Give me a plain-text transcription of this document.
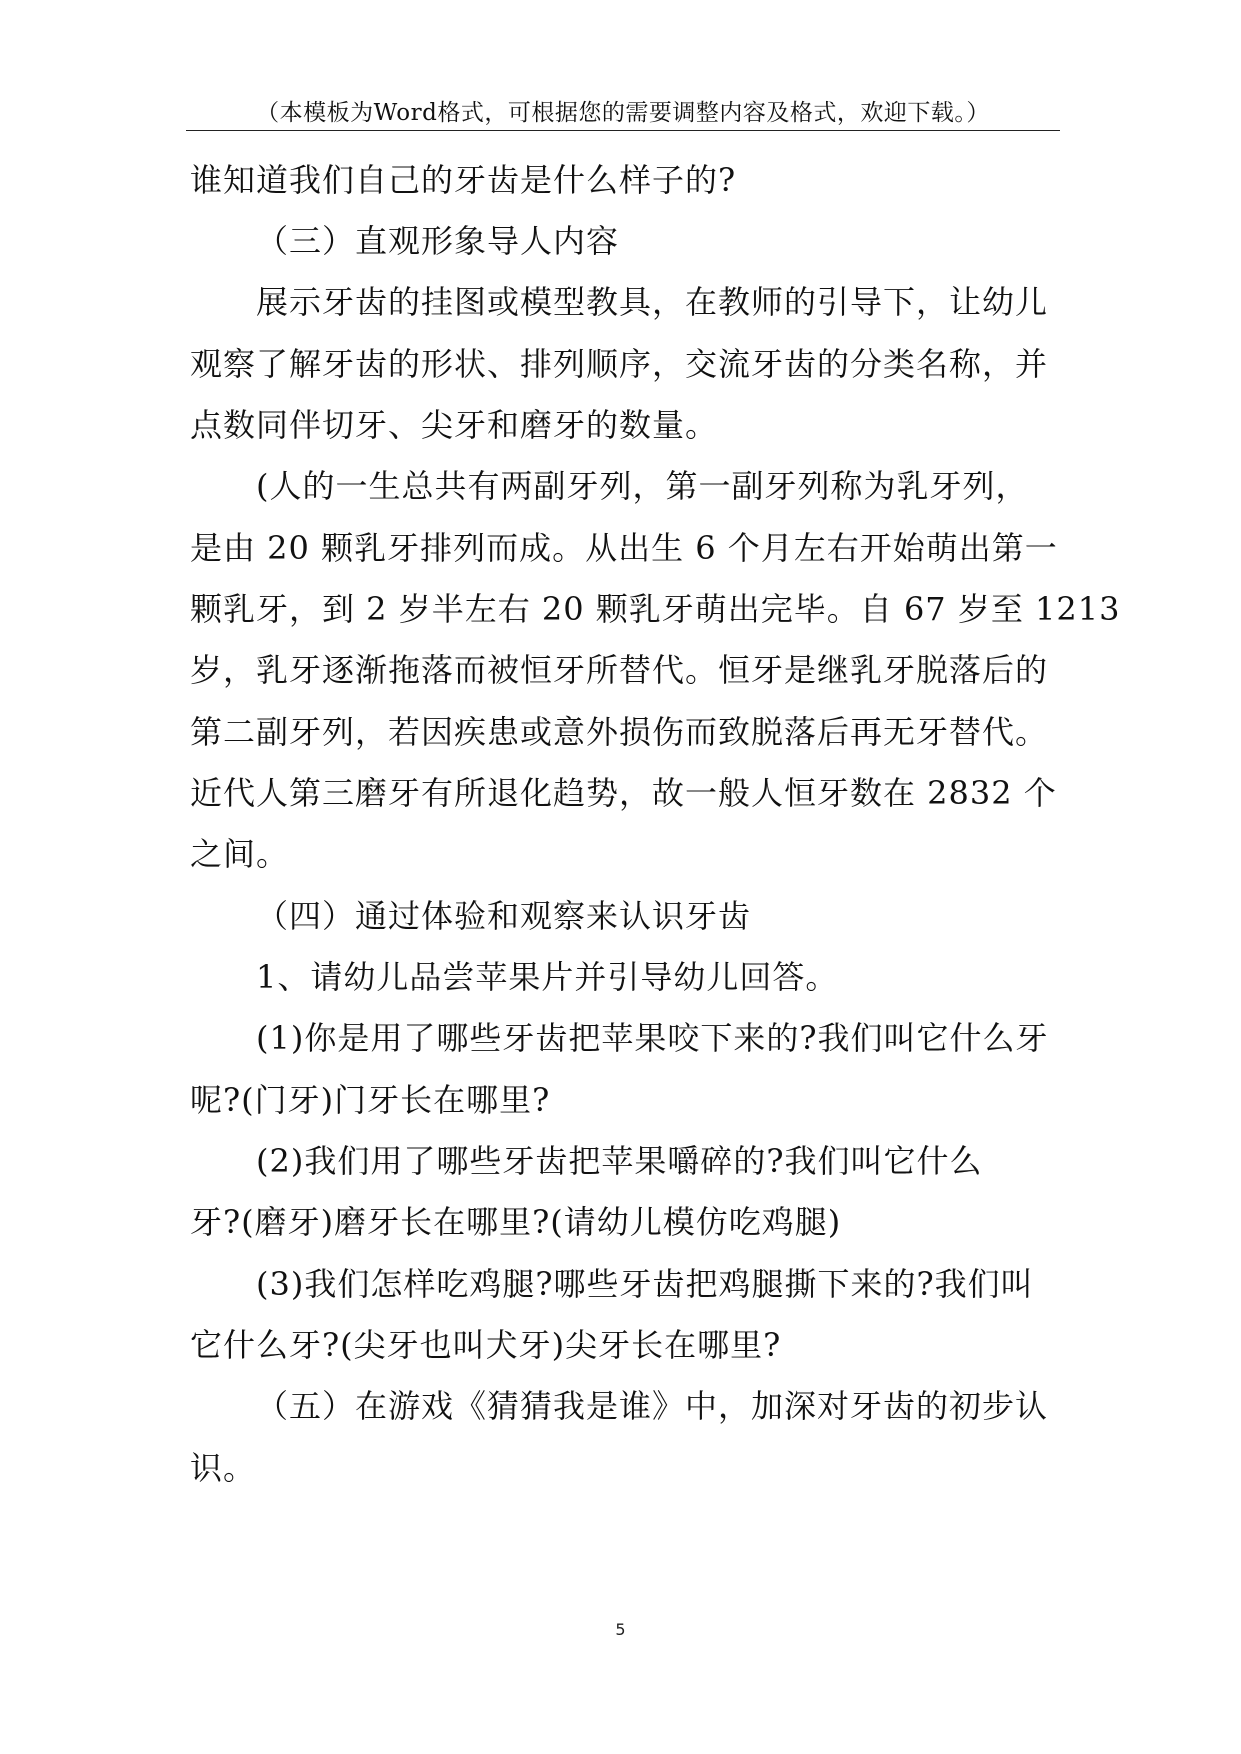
（本模板为Word格式，可根据您的需要调整内容及格式，欢迎下载。）
谁知道我们自己的牙齿是什么样子的?
（三）直观形象导人内容
展示牙齿的挂图或模型教具，在教师的引导下，让幼儿
观察了解牙齿的形状、排列顺序，交流牙齿的分类名称，并
点数同伴切牙、尖牙和磨牙的数量。
(人的一生总共有两副牙列，第一副牙列称为乳牙列，
是由 20 颗乳牙排列而成。从出生 6 个月左右开始萌出第一
颗乳牙，到 2 岁半左右 20 颗乳牙萌出完毕。自 67 岁至 1213
岁，乳牙逐渐拖落而被恒牙所替代。恒牙是继乳牙脱落后的
第二副牙列，若因疾患或意外损伤而致脱落后再无牙替代。
近代人第三磨牙有所退化趋势，故一般人恒牙数在 2832 个
之间。
（四）通过体验和观察来认识牙齿
1、请幼儿品尝苹果片并引导幼儿回答。
(1)你是用了哪些牙齿把苹果咬下来的?我们叫它什么牙
呢?(门牙)门牙长在哪里?
(2)我们用了哪些牙齿把苹果嚼碎的?我们叫它什么
牙?(磨牙)磨牙长在哪里?(请幼儿模仿吃鸡腿)
(3)我们怎样吃鸡腿?哪些牙齿把鸡腿撕下来的?我们叫
它什么牙?(尖牙也叫犬牙)尖牙长在哪里?
（五）在游戏《猜猜我是谁》中，加深对牙齿的初步认
识。
5
